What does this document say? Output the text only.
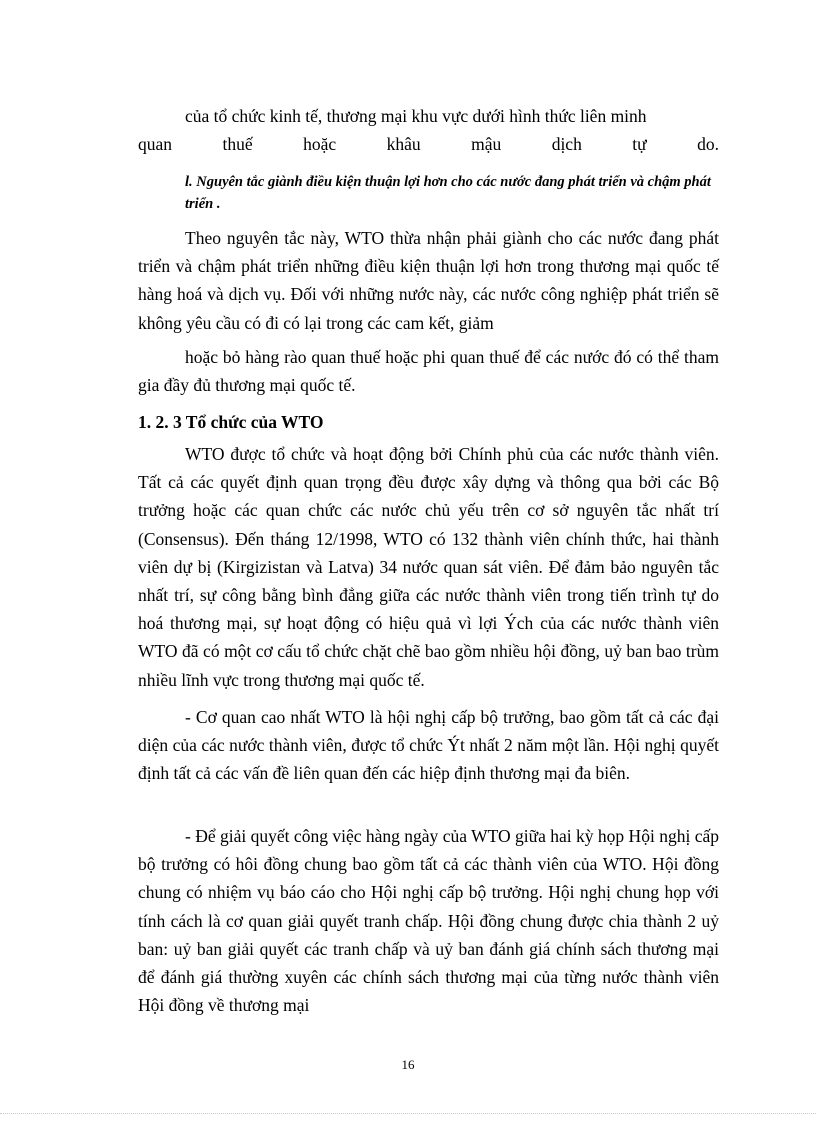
của tổ chức kinh tế, thương mại khu vực dưới hình thức liên minh

quan thuế hoặc khâu mậu dịch tự do.

l. Nguyên tắc giành điều kiện thuận lợi hơn cho các nước đang phát triển và chậm phát triển .

Theo nguyên tắc này, WTO thừa nhận phải giành cho các nước đang phát triển và chậm phát triển những điều kiện thuận lợi hơn trong thương mại quốc tế hàng hoá và dịch vụ. Đối với những nước này, các nước công nghiệp phát triển sẽ không yêu cầu có đi có lại trong các cam kết, giảm

hoặc bỏ hàng rào quan thuế hoặc phi quan thuế để các nước đó có thể tham gia đầy đủ thương mại quốc tế.

1. 2. 3 Tổ chức của WTO

WTO được tổ chức và hoạt động bởi Chính phủ của các nước thành viên. Tất cả các quyết định quan trọng đều được xây dựng và thông qua bởi các Bộ trưởng hoặc các quan chức các nước chủ yếu trên cơ sở nguyên tắc nhất trí (Consensus). Đến tháng 12/1998, WTO có 132 thành viên chính thức, hai thành viên dự bị (Kirgizistan và Latva) 34 nước quan sát viên. Để đảm bảo nguyên tắc nhất trí, sự công bằng bình đẳng giữa các nước thành viên trong tiến trình tự do hoá thương mại, sự hoạt động có hiệu quả vì lợi Ých của các nước thành viên WTO đã có một cơ cấu tổ chức chặt chẽ bao gồm nhiều hội đồng, uỷ ban bao trùm nhiều lĩnh vực trong thương mại quốc tế.

- Cơ quan cao nhất WTO là hội nghị cấp bộ trưởng, bao gồm tất cả các đại diện của các nước thành viên, được tổ chức Ýt nhất 2 năm một lần. Hội nghị quyết định tất cả các vấn đề liên quan đến các hiệp định thương mại đa biên.

- Để giải quyết công việc hàng ngày của WTO giữa hai kỳ họp Hội nghị cấp bộ trưởng có hôi đồng chung bao gồm tất cả các thành viên của WTO. Hội đồng chung có nhiệm vụ báo cáo cho Hội nghị cấp bộ trưởng. Hội nghị chung họp với tính cách là cơ quan giải quyết tranh chấp. Hội đồng chung được chia thành 2 uỷ ban: uỷ ban giải quyết các tranh chấp và uỷ ban đánh giá chính sách thương mại để đánh giá thường xuyên các chính sách thương mại của từng nước thành viên Hội đồng về thương mại

16
